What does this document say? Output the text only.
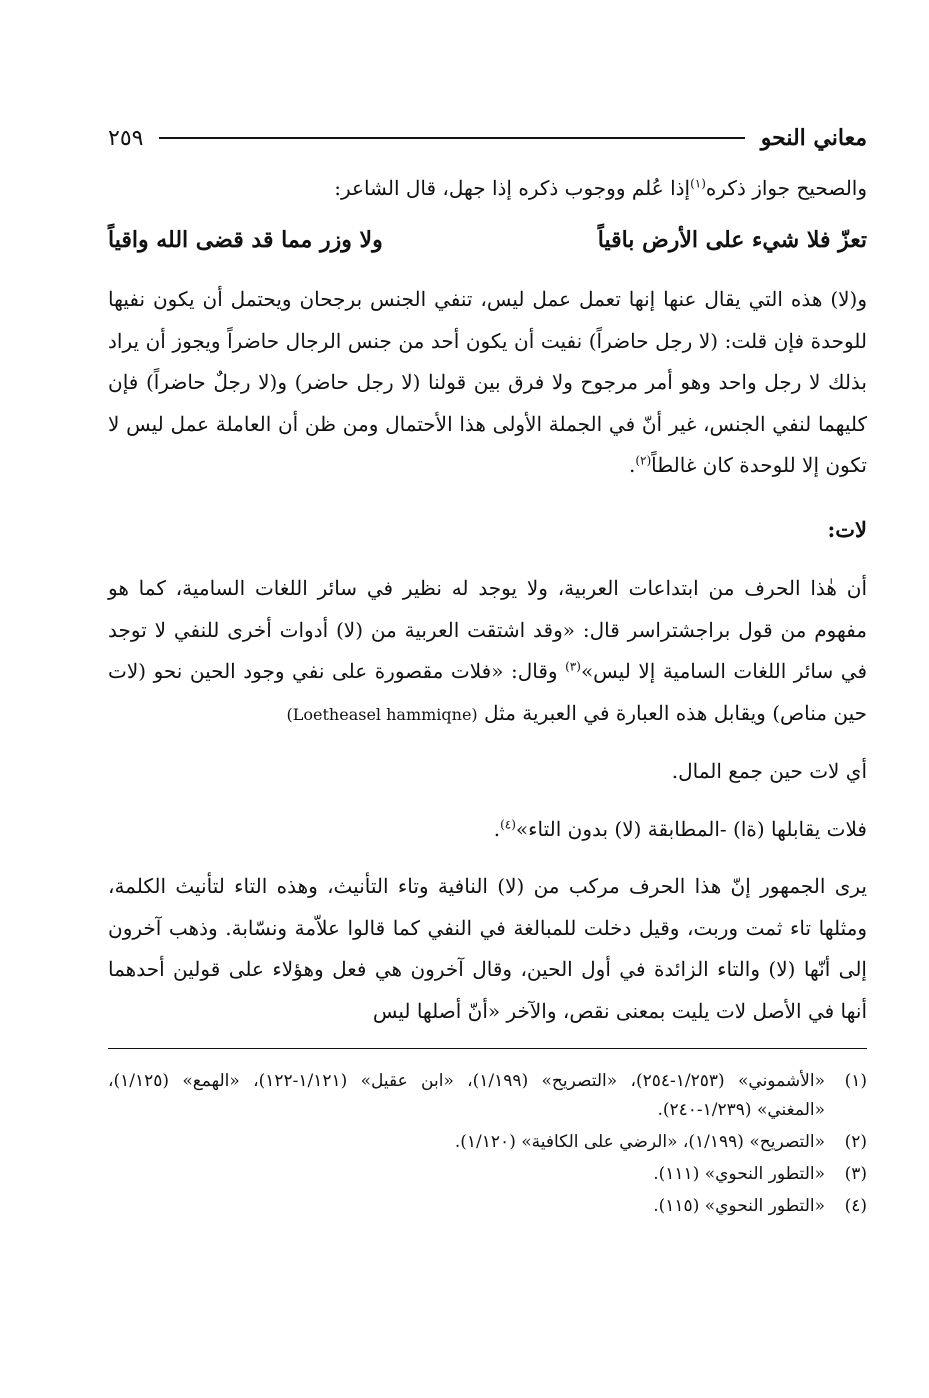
معاني النحو
٢٥٩

والصحيح جواز ذكره$^{(١)}$إذا عُلم ووجوب ذكره إذا جهل، قال الشاعر:

تعزّ فلا شيء على الأرض باقياً
ولا وزر مما قد قضى الله واقياً

و(لا) هذه التي يقال عنها إنها تعمل عمل ليس، تنفي الجنس برجحان ويحتمل أن يكون نفيها للوحدة فإن قلت: (لا رجل حاضراً) نفيت أن يكون أحد من جنس الرجال حاضراً ويجوز أن يراد بذلك لا رجل واحد وهو أمر مرجوح ولا فرق بين قولنا (لا رجل حاضر) و(لا رجلٌ حاضراً) فإن كليهما لنفي الجنس، غير أنّ في الجملة الأولى هذا الأحتمال ومن ظن أن العاملة عمل ليس لا تكون إلا للوحدة كان غالطاً$^{(٢)}$.

لات:

أن هٰذا الحرف من ابتداعات العربية، ولا يوجد له نظير في سائر اللغات السامية، كما هو مفهوم من قول براجشتراسر قال: «وقد اشتقت العربية من (لا) أدوات أخرى للنفي لا توجد في سائر اللغات السامية إلا ليس»$^{(٣)}$ وقال: «فلات مقصورة على نفي وجود الحين نحو (لات حين مناص) ويقابل هذه العبارة في العبرية مثل (Loetheasel hammiqne)

أي لات حين جمع المال.

فلات يقابلها (ةا) -المطابقة (لا) بدون التاء»$^{(٤)}$.

يرى الجمهور إنّ هذا الحرف مركب من (لا) النافية وتاء التأنيث، وهذه التاء لتأنيث الكلمة، ومثلها تاء ثمت وربت، وقيل دخلت للمبالغة في النفي كما قالوا علاّمة ونسّابة. وذهب آخرون إلى أنّها (لا) والتاء الزائدة في أول الحين، وقال آخرون هي فعل وهؤلاء على قولين أحدهما أنها في الأصل لات يليت بمعنى نقص، والآخر «أنّ أصلها ليس

(١)
«الأشموني» (١/٢٥٣-٢٥٤)، «التصريح» (١/١٩٩)، «ابن عقيل» (١/١٢١-١٢٢)، «الهمع» (١/١٢٥)، «المغني» (١/٢٣٩-٢٤٠).
(٢)
«التصريح» (١/١٩٩)، «الرضي على الكافية» (١/١٢٠).
(٣)
«التطور النحوي» (١١١).
(٤)
«التطور النحوي» (١١٥).
